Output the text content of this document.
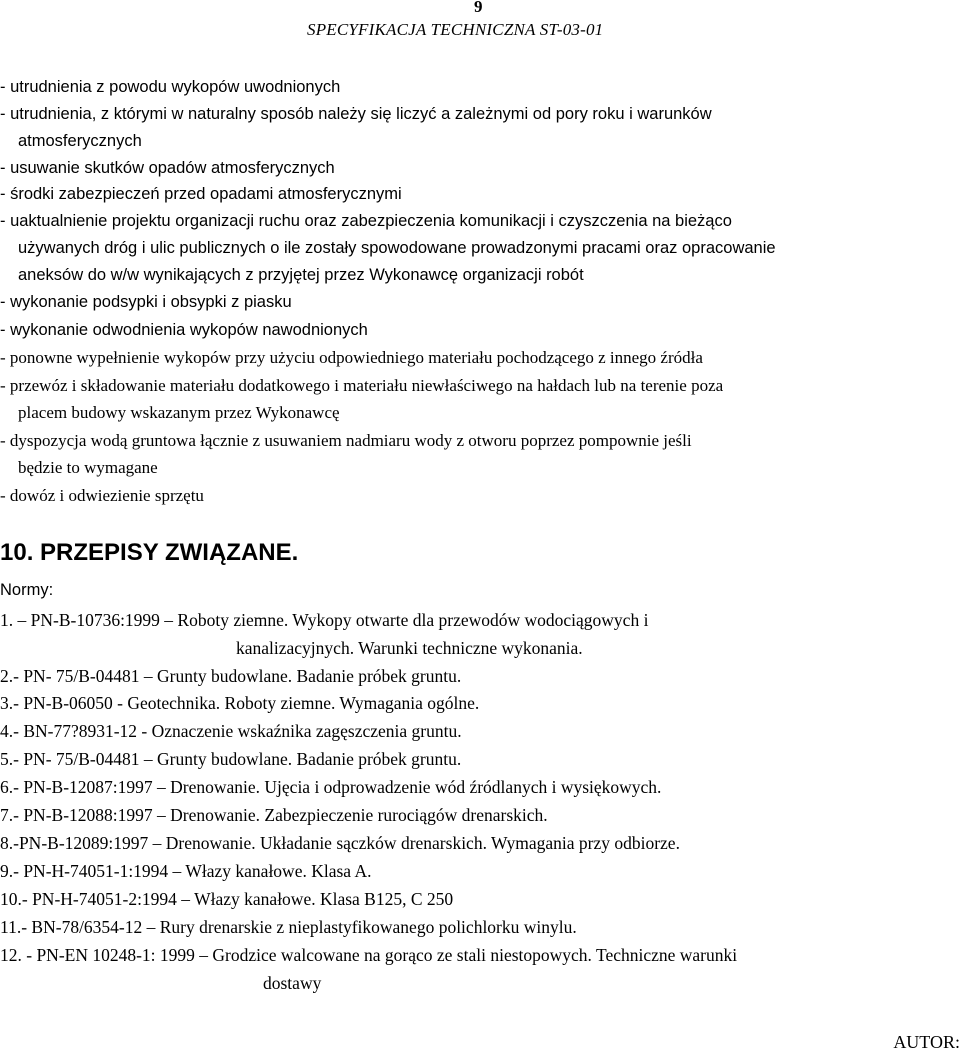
9
SPECYFIKACJA TECHNICZNA ST-03-01
- utrudnienia z powodu wykopów uwodnionych
- utrudnienia, z którymi w naturalny sposób należy się liczyć a zależnymi od pory roku i warunków
atmosferycznych
- usuwanie skutków opadów atmosferycznych
- środki zabezpieczeń przed opadami atmosferycznymi
- uaktualnienie projektu organizacji ruchu oraz zabezpieczenia komunikacji i czyszczenia na bieżąco
używanych dróg i ulic publicznych o ile zostały spowodowane prowadzonymi pracami oraz opracowanie
aneksów do w/w wynikających z przyjętej przez Wykonawcę organizacji robót
- wykonanie podsypki i obsypki z piasku
- wykonanie odwodnienia wykopów nawodnionych
- ponowne wypełnienie wykopów przy użyciu odpowiedniego materiału pochodzącego z innego źródła
- przewóz i składowanie materiału dodatkowego i materiału niewłaściwego na hałdach lub na terenie poza
placem budowy wskazanym przez Wykonawcę
- dyspozycja wodą gruntowa łącznie z usuwaniem nadmiaru wody z otworu poprzez pompownie jeśli
będzie to wymagane
- dowóz i odwiezienie sprzętu
10. PRZEPISY ZWIĄZANE.
Normy:
1. – PN-B-10736:1999 – Roboty ziemne. Wykopy otwarte dla przewodów wodociągowych i
kanalizacyjnych. Warunki techniczne wykonania.
2.- PN- 75/B-04481 – Grunty budowlane. Badanie próbek gruntu.
3.- PN-B-06050 - Geotechnika. Roboty ziemne. Wymagania ogólne.
4.- BN-77?8931-12 - Oznaczenie wskaźnika zagęszczenia gruntu.
5.- PN- 75/B-04481 – Grunty budowlane. Badanie próbek gruntu.
6.- PN-B-12087:1997 – Drenowanie. Ujęcia i odprowadzenie wód źródlanych i wysiękowych.
7.- PN-B-12088:1997 – Drenowanie. Zabezpieczenie rurociągów drenarskich.
8.-PN-B-12089:1997 – Drenowanie. Układanie sączków drenarskich. Wymagania przy odbiorze.
9.- PN-H-74051-1:1994 – Włazy kanałowe. Klasa A.
10.- PN-H-74051-2:1994 – Włazy kanałowe. Klasa B125, C 250
11.- BN-78/6354-12 – Rury drenarskie z nieplastyfikowanego polichlorku winylu.
12. - PN-EN 10248-1: 1999 – Grodzice walcowane na gorąco ze stali niestopowych. Techniczne warunki
dostawy
AUTOR:
